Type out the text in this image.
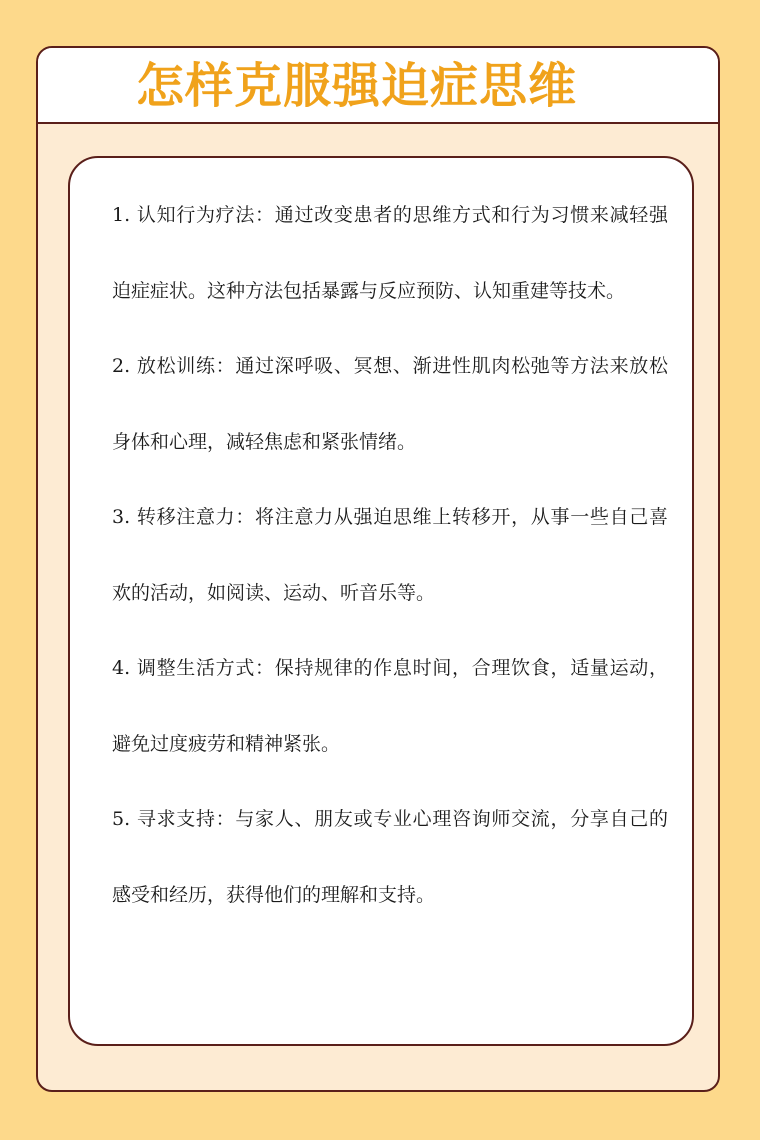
怎样克服强迫症思维

1. 认知行为疗法：通过改变患者的思维方式和行为习惯来减轻强迫症症状。这种方法包括暴露与反应预防、认知重建等技术。

2. 放松训练：通过深呼吸、冥想、渐进性肌肉松弛等方法来放松身体和心理，减轻焦虑和紧张情绪。

3. 转移注意力：将注意力从强迫思维上转移开，从事一些自己喜欢的活动，如阅读、运动、听音乐等。

4. 调整生活方式：保持规律的作息时间，合理饮食，适量运动，避免过度疲劳和精神紧张。

5. 寻求支持：与家人、朋友或专业心理咨询师交流，分享自己的感受和经历，获得他们的理解和支持。
